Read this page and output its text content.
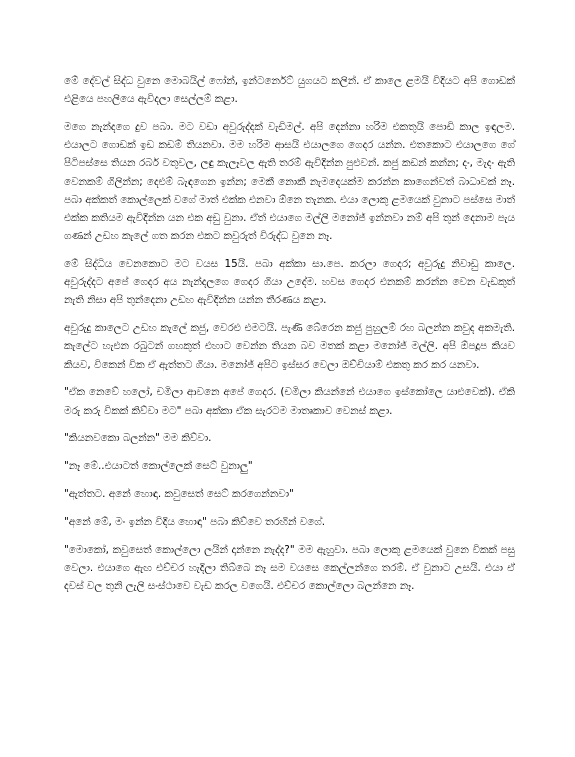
මේ දේවල් සිද්ධ වුනෙ මොබයිල් ෆෝන්, ඉන්ටර්නෙට් යුගයට කලින්. ඒ කාලෙ ළමයි විදියට අපි ගොඩක් එළියෙ පහලියෙ ඇවිදලා සෙල්ලම් කළා.

මගෙ නැන්දගෙ දුව පබා. මට වඩා අවුරුද්දක් වැඩිමල්. අපි දෙන්නා හරිම එකතුයි පොඩි කාල ඉඳලම. එයාලට ගොඩක් ඉඩ කඩම් තියනවා. මම හරිම ආසයි එයාලගෙ ගෙදර යන්න. එතකොට එයාලගෙ ගේ පිටිපස්සෙ තියන රබර් වතුවල, ලඳු කැලෑවල ඇති තරම් ඇවිදින්න පුළුවන්. කජු කඩන් කන්න; දං, මැදං ඇති වෙනකම් ගිලින්න; දෙළුම් බැඳගෙන ඉන්න; මෙකී නොකී නැමදෙයක්ම කරන්න කාගෙන්වත් බාධාවක් නෑ. පබා අක්කත් කොල්ලෙක් වගේ මාත් එක්ක එනවා ඕනෙ තැනක. එයා ලොකු ළමයෙක් වුනාට පස්සෙ මාත් එක්ක කතියම ඇවිදින්න යන එක අඩු වුනා. ඒත් එයාගෙ මල්ලි මනෝජ් ඉන්නවා නම් අපි තුන් දෙනාම පැය ගණන් උඩහ කැලේ ගත කරන එකට කවුරුත් විරුද්ධ වුනෙ නෑ.

මේ සිද්ධිය වෙනකොට මට වයස 15යි. පබා අක්කා සා.පෙ. කරලා ගෙදර; අවුරුදු නිවාඩු කාලෙ. අවුරුද්දට අපේ ගෙදර අය නැන්දලගෙ ගෙදර ගියා උදේම. හවස ගෙදර එනකම් කරන්න වෙන වැඩකුත් නැති නිසා අපි තුන්දෙනා උඩහ ඇවිදින්න යන්න තීරණය කළා.

අවුරුදු කාලෙට උඩහ කැලේ කජු, වෙරළු එමටයි. පැණි බේරෙන කජු පුහුලම් රහ බලන්න කවුද අකමැති. කැලේට හැළුන රබුටන් ගහකුත් එහාට වෙන්න තියන බව මතක් කළා මනෝජ් මල්ලි. අපි ඕපදූප කියව කියව, විකෙන් වික ඒ ඇත්තට ගියා. මනෝජ් අපිට ඉස්සර වෙලා ඔච්චියාම් එකතු කර කර යනවා.

"ඒක නෙවේ හලෝ, චමිලා ආවනෙ අපේ ගෙදර. (චමිලා කියන්නේ එයාගෙ ඉස්කෝලෙ යාළුවෙක්). ඒකි මරු කරු විකක් කිව්වා මට" පබා අක්කා ඒක සැරටම මාතෘකාව වෙනස් කළා.

"කියනවකො බලන්න" මම කිව්වා.

"නෑ මේ..එයාටත් කොල්ලෙක් සෙට් වුනාලු"

"ඇත්තට. අනේ හොඳා. කවුසෙත් සෙට් කරගෙන්නවා"

"අනේ මේ, මං ඉන්න විදිය හොඳා" පබා කිව්වෙ තරහින් වගේ.

"මොකෝ, කවුසෙත් කොල්ලො ලයින් දාන්නෙ නැද්ද?" මම ඇහුවා. පබා ලොකු ළමයෙක් වුනෙ විකක් පසු වෙලා. එයාගෙ ඇඟ එච්චර හැදිලා තිබ්බෙ නෑ සම වයසෙ කෙල්ලන්ගෙ තරම්. ඒ වුනාට උසයි. එයා ඒ දවස් වල තුනි ලැලි සංස්ථාවෙ වැඩ කරල වගෙයි. එච්චර කොල්ලො බලන්නෙ නෑ.
